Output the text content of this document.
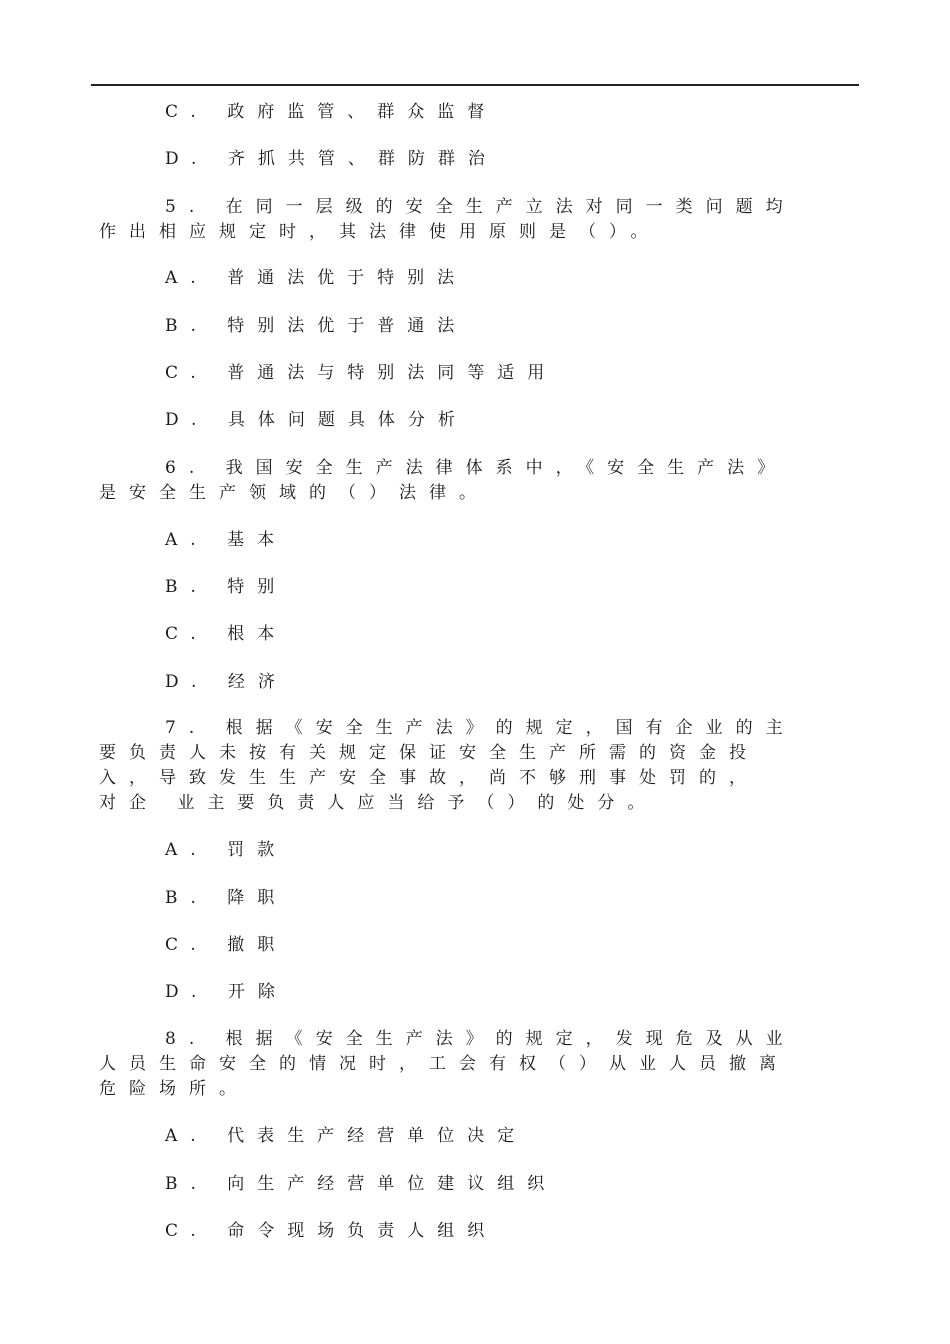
C. 政府监管、群众监督
D. 齐抓共管、群防群治
5. 在同一层级的安全生产立法对同一类问题均
作出相应规定时，其法律使用原则是（）。
A. 普通法优于特别法
B. 特别法优于普通法
C. 普通法与特别法同等适用
D. 具体问题具体分析
6. 我国安全生产法律体系中，《安全生产法》
是安全生产领域的（）法律。
A. 基本
B. 特别
C. 根本
D. 经济
7. 根据《安全生产法》的规定，国有企业的主
要负责人未按有关规定保证安全生产所需的资金投
入，导致发生生产安全事故，尚不够刑事处罚的，
对企 业主要负责人应当给予（）的处分。
A. 罚款
B. 降职
C. 撤职
D. 开除
8. 根据《安全生产法》的规定，发现危及从业
人员生命安全的情况时，工会有权（）从业人员撤离
危险场所。
A. 代表生产经营单位决定
B. 向生产经营单位建议组织
C. 命令现场负责人组织
